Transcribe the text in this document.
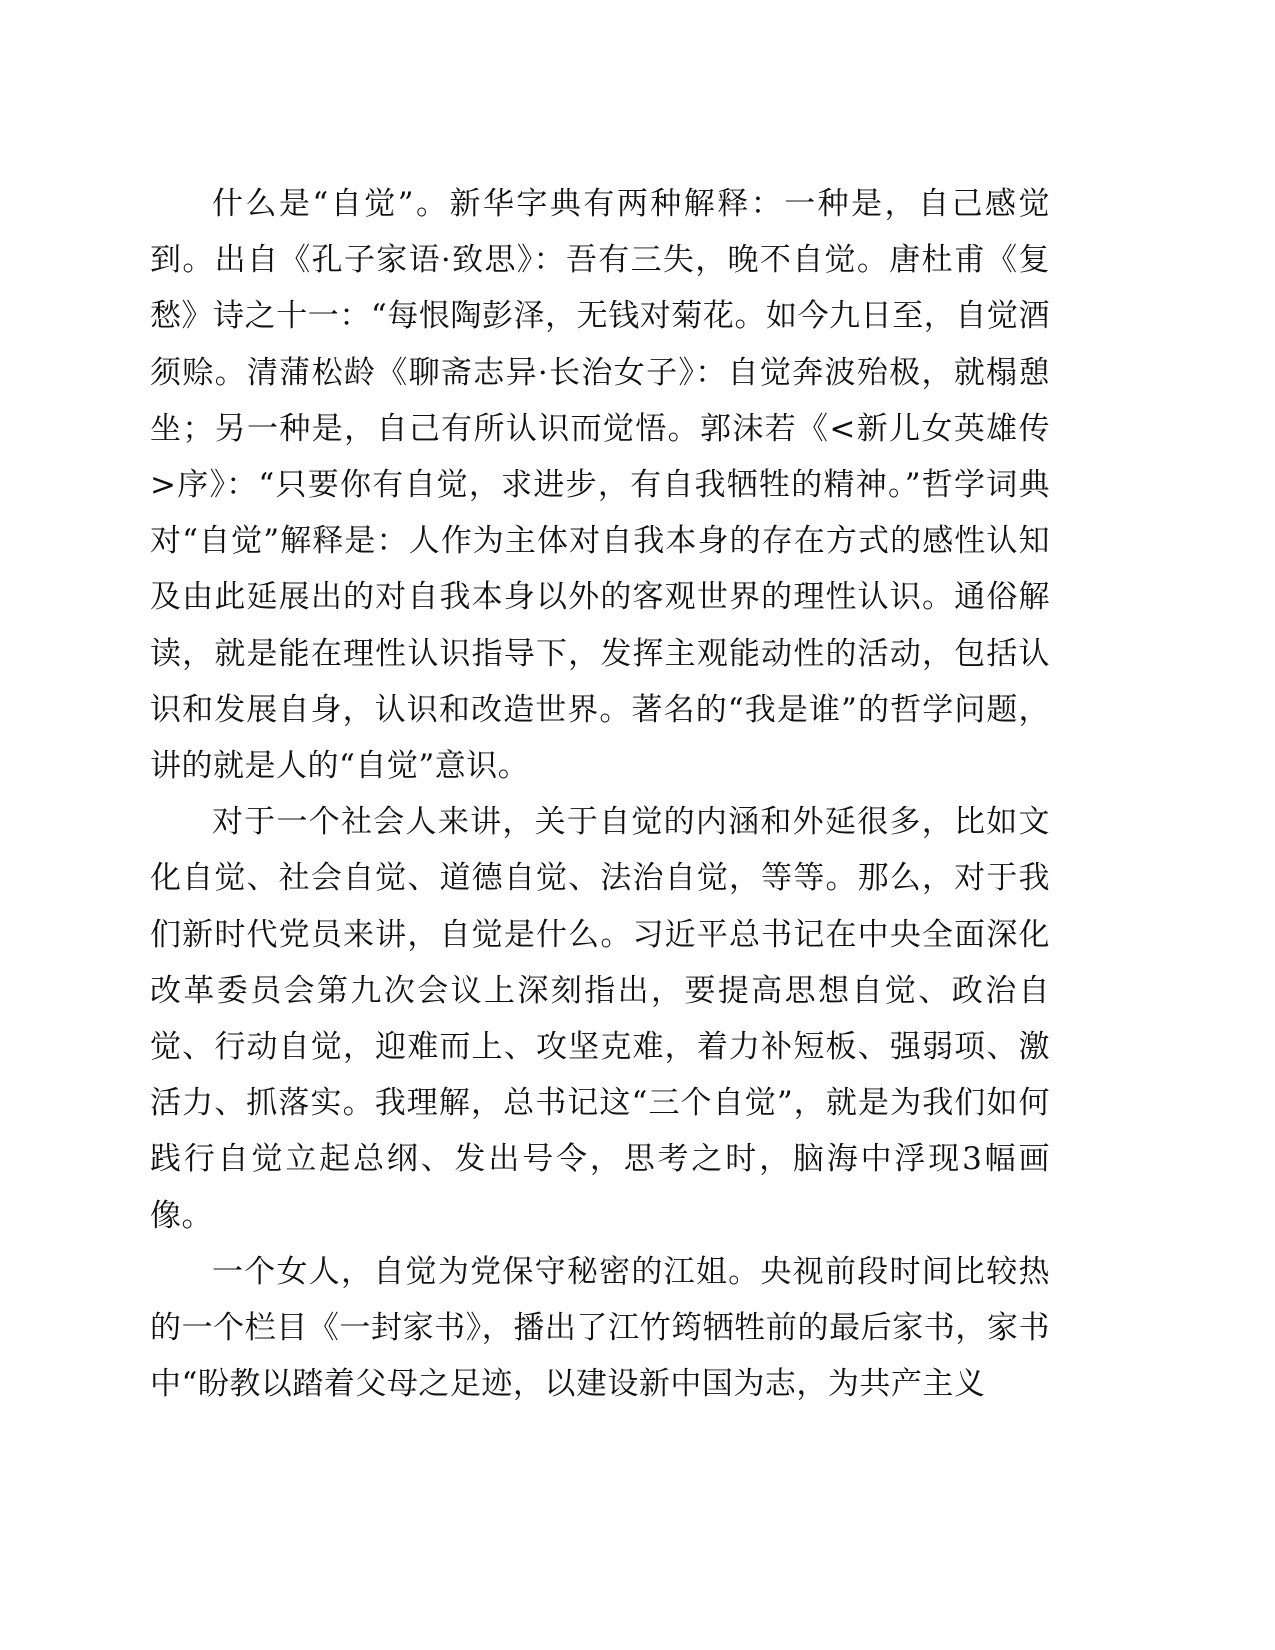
什么是“自觉”。新华字典有两种解释：一种是，自己感觉到。出自《孔子家语·致思》：吾有三失，晚不自觉。唐杜甫《复愁》诗之十一：“每恨陶彭泽，无钱对菊花。如今九日至，自觉酒须赊。清蒲松龄《聊斋志异·长治女子》：自觉奔波殆极，就榻憩坐；另一种是，自己有所认识而觉悟。郭沫若《<新儿女英雄传>序》：“只要你有自觉，求进步，有自我牺牲的精神。”哲学词典对“自觉”解释是：人作为主体对自我本身的存在方式的感性认知及由此延展出的对自我本身以外的客观世界的理性认识。通俗解读，就是能在理性认识指导下，发挥主观能动性的活动，包括认识和发展自身，认识和改造世界。著名的“我是谁”的哲学问题，讲的就是人的“自觉”意识。

对于一个社会人来讲，关于自觉的内涵和外延很多，比如文化自觉、社会自觉、道德自觉、法治自觉，等等。那么，对于我们新时代党员来讲，自觉是什么。习近平总书记在中央全面深化改革委员会第九次会议上深刻指出，要提高思想自觉、政治自觉、行动自觉，迎难而上、攻坚克难，着力补短板、强弱项、激活力、抓落实。我理解，总书记这“三个自觉”，就是为我们如何践行自觉立起总纲、发出号令，思考之时，脑海中浮现3幅画像。

一个女人，自觉为党保守秘密的江姐。央视前段时间比较热的一个栏目《一封家书》，播出了江竹筠牺牲前的最后家书，家书中“盼教以踏着父母之足迹，以建设新中国为志，为共产主义
